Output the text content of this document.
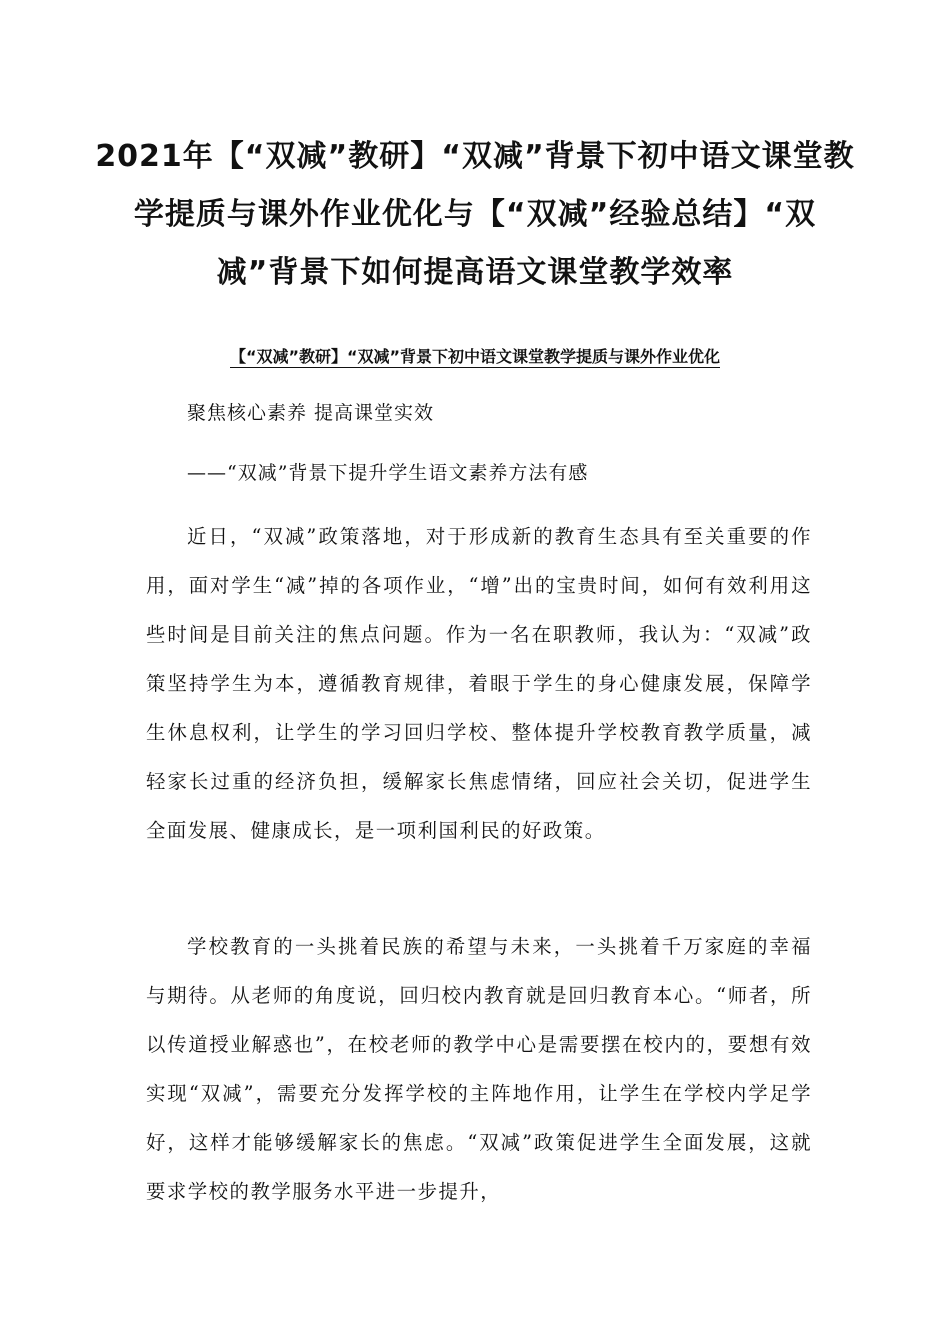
2021年【“双减”教研】“双减”背景下初中语文课堂教学提质与课外作业优化与【“双减”经验总结】“双减”背景下如何提高语文课堂教学效率
【“双减”教研】“双减”背景下初中语文课堂教学提质与课外作业优化

聚焦核心素养 提高课堂实效

——“双减”背景下提升学生语文素养方法有感

近日，“双减”政策落地，对于形成新的教育生态具有至关重要的作用，面对学生“减”掉的各项作业，“增”出的宝贵时间，如何有效利用这些时间是目前关注的焦点问题。作为一名在职教师，我认为：“双减”政策坚持学生为本，遵循教育规律，着眼于学生的身心健康发展，保障学生休息权利，让学生的学习回归学校、整体提升学校教育教学质量，减轻家长过重的经济负担，缓解家长焦虑情绪，回应社会关切，促进学生全面发展、健康成长，是一项利国利民的好政策。

学校教育的一头挑着民族的希望与未来，一头挑着千万家庭的幸福与期待。从老师的角度说，回归校内教育就是回归教育本心。“师者，所以传道授业解惑也”，在校老师的教学中心是需要摆在校内的，要想有效实现“双减”，需要充分发挥学校的主阵地作用，让学生在学校内学足学好，这样才能够缓解家长的焦虑。“双减”政策促进学生全面发展，这就要求学校的教学服务水平进一步提升，
